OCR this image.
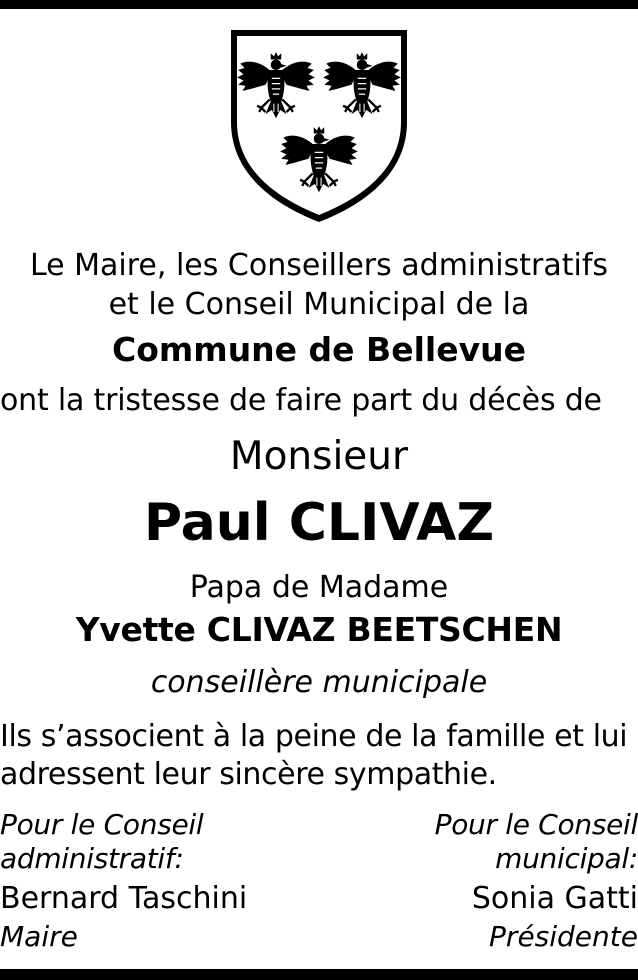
Le Maire, les Conseillers administratifs
et le Conseil Municipal de la
Commune de Bellevue
ont la tristesse de faire part du décès de
Monsieur
Paul CLIVAZ
Papa de Madame
Yvette CLIVAZ BEETSCHEN
conseillère municipale
Ils s’associent à la peine de la famille et lui
adressent leur sincère sympathie.
Pour le Conseil
administratif:
Bernard Taschini
Maire
Pour le Conseil
municipal:
Sonia Gatti
Présidente
